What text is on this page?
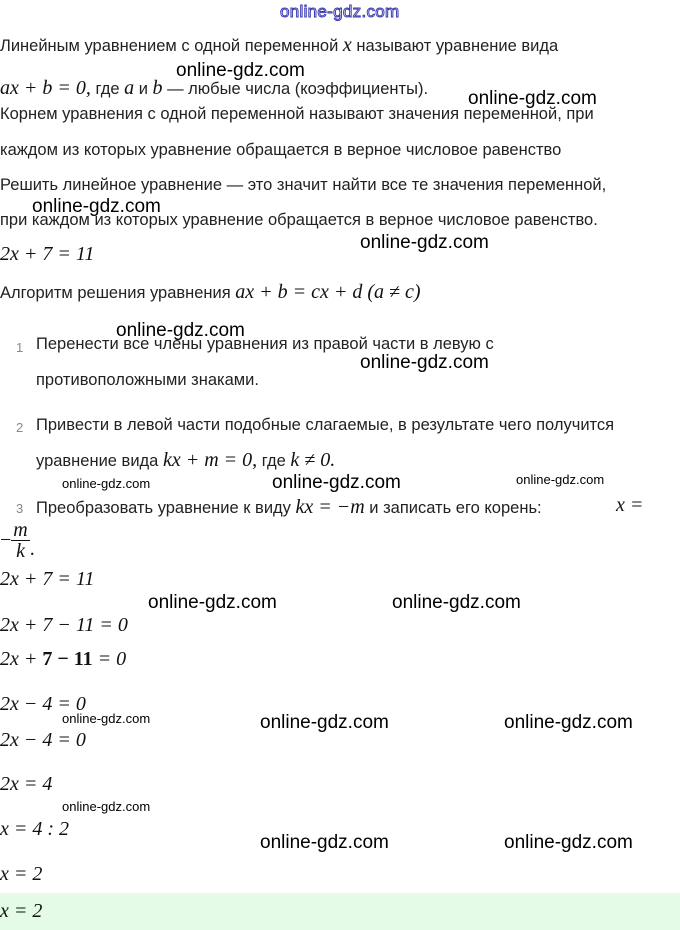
online-gdz.com
Линейным уравнением с одной переменной x называют уравнение вида
ax + b = 0, где a и b — любые числа (коэффициенты).
Корнем уравнения с одной переменной называют значения переменной, при
каждом из которых уравнение обращается в верное числовое равенство
Решить линейное уравнение — это значит найти все те значения переменной,
при каждом из которых уравнение обращается в верное числовое равенство.
2x + 7 = 11
Алгоритм решения уравнения ax + b = cx + d (a ≠ c)
1 Перенести все члены уравнения из правой части в левую с
противоположными знаками.
2 Привести в левой части подобные слагаемые, в результате чего получится
уравнение вида kx + m = 0, где k ≠ 0.
3 Преобразовать уравнение к виду kx = −m и записать его корень:	x =
− $\frac{m}{k}$ .
2x + 7 = 11
2x + 7 − 11 = 0
2x + 7 − 11 = 0
2x − 4 = 0
2x − 4 = 0
2x = 4
x = 4 : 2
x = 2
x = 2
online-gdz.com
online-gdz.com
online-gdz.com
online-gdz.com
online-gdz.com
online-gdz.com
online-gdz.com	online-gdz.com
online-gdz.com
online-gdz.com	online-gdz.com
online-gdz.com	online-gdz.com	online-gdz.com
online-gdz.com
online-gdz.com	online-gdz.com
